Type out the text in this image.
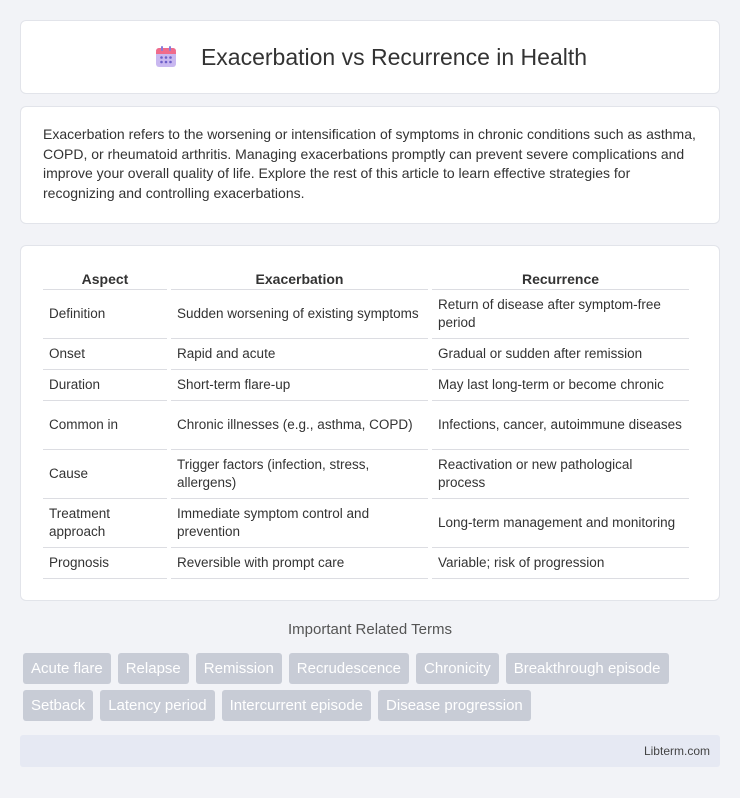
Exacerbation vs Recurrence in Health

Exacerbation refers to the worsening or intensification of symptoms in chronic conditions such as asthma, COPD, or rheumatoid arthritis. Managing exacerbations promptly can prevent severe complications and improve your overall quality of life. Explore the rest of this article to learn effective strategies for recognizing and controlling exacerbations.

Aspect	Exacerbation	Recurrence
Definition	Sudden worsening of existing symptoms	Return of disease after symptom-free period
Onset	Rapid and acute	Gradual or sudden after remission
Duration	Short-term flare-up	May last long-term or become chronic
Common in	Chronic illnesses (e.g., asthma, COPD)	Infections, cancer, autoimmune diseases
Cause	Trigger factors (infection, stress, allergens)	Reactivation or new pathological process
Treatment approach	Immediate symptom control and prevention	Long-term management and monitoring
Prognosis	Reversible with prompt care	Variable; risk of progression
Important Related Terms
Acute flare	Relapse	Remission	Recrudescence	Chronicity	Breakthrough episode
Setback	Latency period	Intercurrent episode	Disease progression
Libterm.com
